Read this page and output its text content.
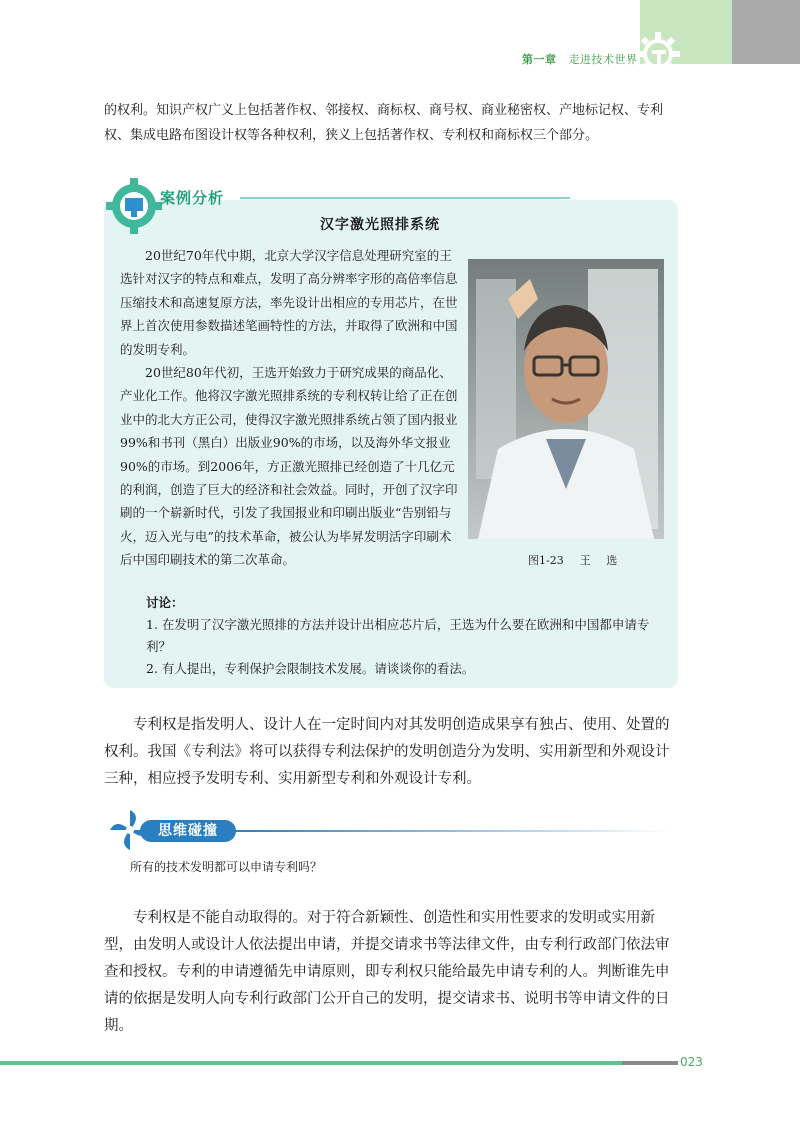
第一章 走进技术世界
的权利。知识产权广义上包括著作权、邻接权、商标权、商号权、商业秘密权、产地标记权、专利权、集成电路布图设计权等各种权利，狭义上包括著作权、专利权和商标权三个部分。
案例分析
汉字激光照排系统

20世纪70年代中期，北京大学汉字信息处理研究室的王选针对汉字的特点和难点，发明了高分辨率字形的高倍率信息压缩技术和高速复原方法，率先设计出相应的专用芯片，在世界上首次使用参数描述笔画特性的方法，并取得了欧洲和中国的发明专利。

20世纪80年代初，王选开始致力于研究成果的商品化、产业化工作。他将汉字激光照排系统的专利权转让给了正在创业中的北大方正公司，使得汉字激光照排系统占领了国内报业99%和书刊（黑白）出版业90%的市场，以及海外华文报业90%的市场。到2006年，方正激光照排已经创造了十几亿元的利润，创造了巨大的经济和社会效益。同时，开创了汉字印刷的一个崭新时代，引发了我国报业和印刷出版业“告别铅与火，迈入光与电”的技术革命，被公认为毕昇发明活字印刷术后中国印刷技术的第二次革命。	图1-23 王 选

讨论：

1. 在发明了汉字激光照排的方法并设计出相应芯片后，王选为什么要在欧洲和中国都申请专利？

2. 有人提出，专利保护会限制技术发展。请谈谈你的看法。

专利权是指发明人、设计人在一定时间内对其发明创造成果享有独占、使用、处置的权利。我国《专利法》将可以获得专利法保护的发明创造分为发明、实用新型和外观设计三种，相应授予发明专利、实用新型专利和外观设计专利。

思维碰撞
所有的技术发明都可以申请专利吗？

专利权是不能自动取得的。对于符合新颖性、创造性和实用性要求的发明或实用新型，由发明人或设计人依法提出申请，并提交请求书等法律文件，由专利行政部门依法审查和授权。专利的申请遵循先申请原则，即专利权只能给最先申请专利的人。判断谁先申请的依据是发明人向专利行政部门公开自己的发明，提交请求书、说明书等申请文件的日期。

023
